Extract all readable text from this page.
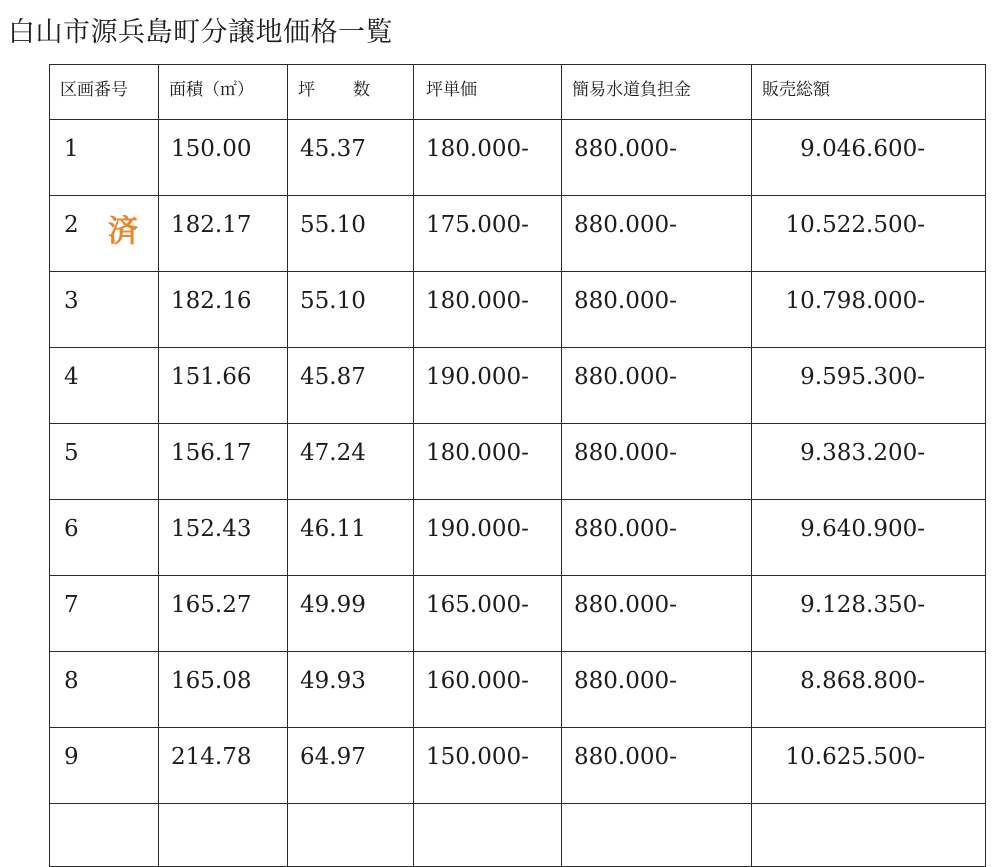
白山市源兵島町分譲地価格一覧
区画番号	面積（㎡）	坪 数	坪単価	簡易水道負担金	販売総額
1	150.00	45.37	180.000-	880.000-	9.046.600-
2 済	182.17	55.10	175.000-	880.000-	10.522.500-
3	182.16	55.10	180.000-	880.000-	10.798.000-
4	151.66	45.87	190.000-	880.000-	9.595.300-
5	156.17	47.24	180.000-	880.000-	9.383.200-
6	152.43	46.11	190.000-	880.000-	9.640.900-
7	165.27	49.99	165.000-	880.000-	9.128.350-
8	165.08	49.93	160.000-	880.000-	8.868.800-
9	214.78	64.97	150.000-	880.000-	10.625.500-
